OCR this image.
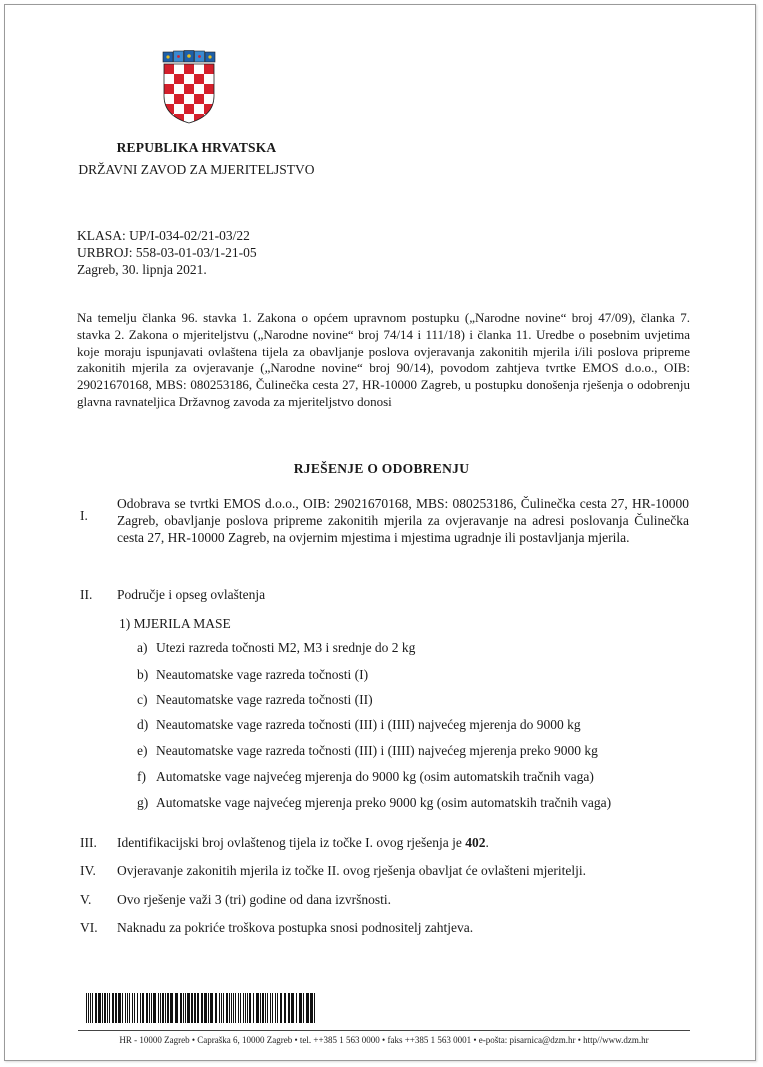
REPUBLIKA HRVATSKA
DRŽAVNI ZAVOD ZA MJERITELJSTVO
KLASA: UP/I-034-02/21-03/22
URBROJ: 558-03-01-03/1-21-05
Zagreb, 30. lipnja 2021.

Na temelju članka 96. stavka 1. Zakona o općem upravnom postupku („Narodne novine“ broj 47/09), članka 7. stavka 2. Zakona o mjeriteljstvu („Narodne novine“ broj 74/14 i 111/18) i članka 11. Uredbe o posebnim uvjetima koje moraju ispunjavati ovlaštena tijela za obavljanje poslova ovjeravanja zakonitih mjerila i/ili poslova pripreme zakonitih mjerila za ovjeravanje („Narodne novine“ broj 90/14), povodom zahtjeva tvrtke EMOS d.o.o., OIB: 29021670168, MBS: 080253186, Čulinečka cesta 27, HR-10000 Zagreb, u postupku donošenja rješenja o odobrenju glavna ravnateljica Državnog zavoda za mjeriteljstvo donosi

RJEŠENJE O ODOBRENJU
I.

Odobrava se tvrtki EMOS d.o.o., OIB: 29021670168, MBS: 080253186, Čulinečka cesta 27, HR-10000 Zagreb, obavljanje poslova pripreme zakonitih mjerila za ovjeravanje na adresi poslovanja Čulinečka cesta 27, HR-10000 Zagreb, na ovjernim mjestima i mjestima ugradnje ili postavljanja mjerila.

II. Područje i opseg ovlaštenja
1) MJERILA MASE
a) Utezi razreda točnosti M2, M3 i srednje do 2 kg
b) Neautomatske vage razreda točnosti (I)
c) Neautomatske vage razreda točnosti (II)
d) Neautomatske vage razreda točnosti (III) i (IIII) najvećeg mjerenja do 9000 kg
e) Neautomatske vage razreda točnosti (III) i (IIII) najvećeg mjerenja preko 9000 kg
f) Automatske vage najvećeg mjerenja do 9000 kg (osim automatskih tračnih vaga)
g) Automatske vage najvećeg mjerenja preko 9000 kg (osim automatskih tračnih vaga)
III. Identifikacijski broj ovlaštenog tijela iz točke I. ovog rješenja je 402.
IV. Ovjeravanje zakonitih mjerila iz točke II. ovog rješenja obavljat će ovlašteni mjeritelji.
V. Ovo rješenje važi 3 (tri) godine od dana izvršnosti.
VI. Naknadu za pokriće troškova postupka snosi podnositelj zahtjeva.
HR - 10000 Zagreb • Capraška 6, 10000 Zagreb • tel. ++385 1 563 0000 • faks ++385 1 563 0001 • e-pošta: pisarnica@dzm.hr • http//www.dzm.hr
